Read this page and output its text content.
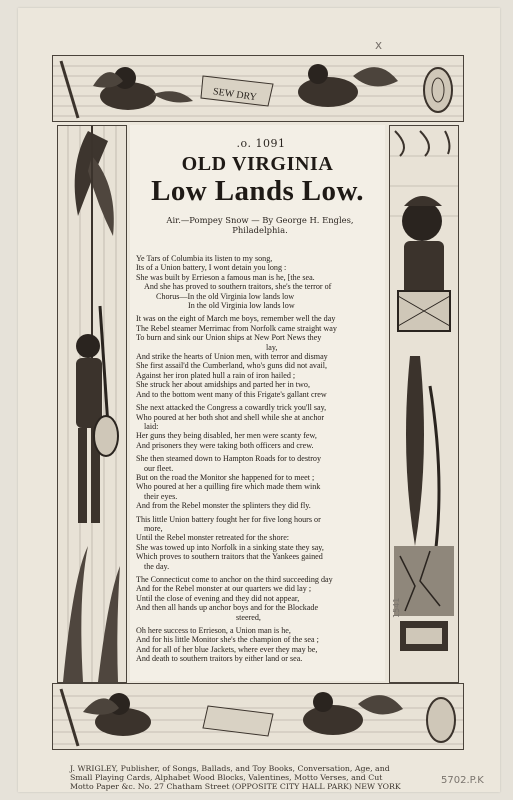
x
SEW DRY
.o. 1091
OLD VIRGINIA
Low Lands Low.
Air.—Pompey Snow — By George H. Engles, Philadelphia.
Ye Tars of Columbia its listen to my song,
Its of a Union battery, I wont detain you long :
She was built by Errieson a famous man is he, [the sea.
And she has proved to southern traitors, she's the terror of
Chorus—In the old Virginia low lands low
In the old Virginia low lands low
It was on the eight of March me boys, remember well the day
The Rebel steamer Merrimac from Norfolk came straight way
To burn and sink our Union ships at New Port News they
lay,
And strike the hearts of Union men, with terror and dismay
She first assail'd the Cumberland, who's guns did not avail,
Against her iron plated hull a rain of iron hailed ;
She struck her about amidships and parted her in two,
And to the bottom went many of this Frigate's gallant crew
She next attacked the Congress a cowardly trick you'll say,
Who poured at her both shot and shell while she at anchor
laid:
Her guns they being disabled, her men were scanty few,
And prisoners they were taking both officers and crew.
She then steamed down to Hampton Roads for to destroy
our fleet.
But on the road the Monitor she happened for to meet ;
Who poured at her a quilling fire which made them wink
their eyes.
And from the Rebel monster the splinters they did fly.
This little Union battery fought her for five long hours or
more,
Until the Rebel monster retreated for the shore:
She was towed up into Norfolk in a sinking state they say,
Which proves to southern traitors that the Yankees gained
the day.
The Connecticut come to anchor on the third succeeding day
And for the Rebel monster at our quarters we did lay ;
Until the close of evening and they did not appear,
And then all hands up anchor boys and for the Blockade
steered,
Oh here success to Errieson, a Union man is he,
And for his little Monitor she's the champion of the sea ;
And for all of her blue Jackets, where ever they may be,
And death to southern traitors by either land or sea.
1541
J. WRIGLEY, Publisher, of Songs, Ballads, and Toy Books, Conversation, Age, and
Small Playing Cards, Alphabet Wood Blocks, Valentines, Motto Verses, and Cut
Motto Paper &c. No. 27 Chatham Street (OPPOSITE CITY HALL PARK) NEW YORK
5702.P.K
